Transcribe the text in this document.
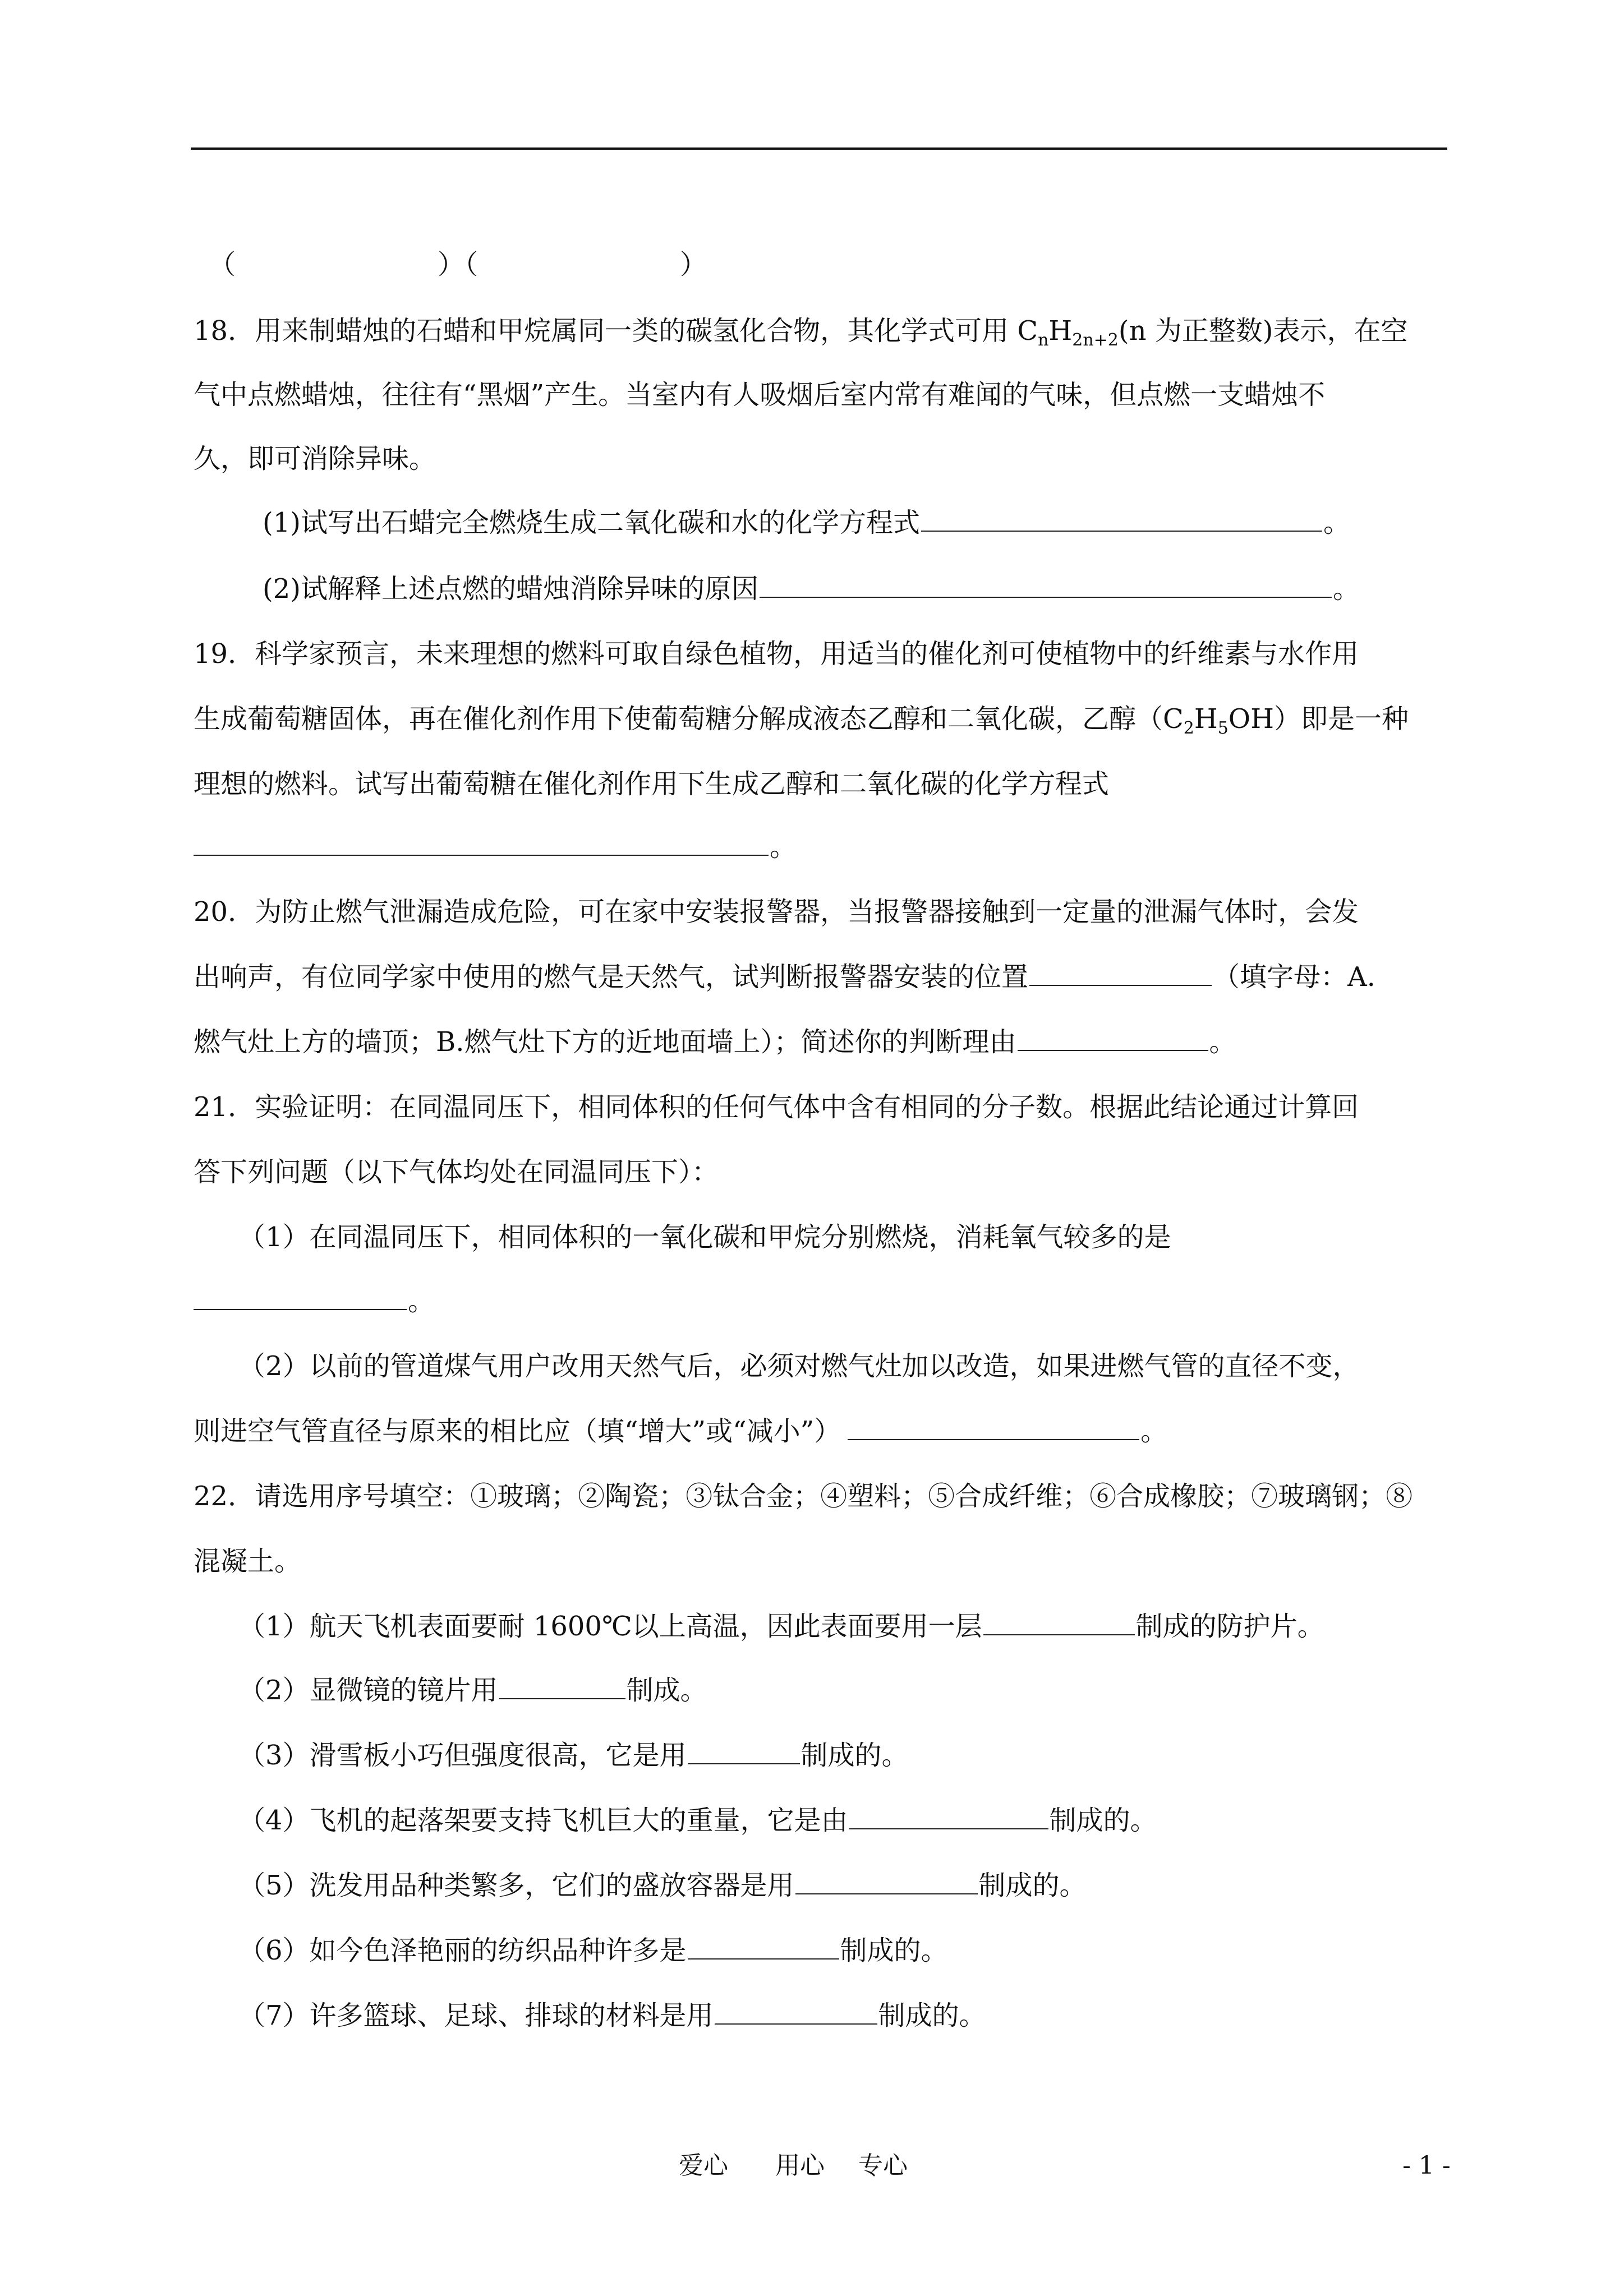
（	）（	）
18．用来制蜡烛的石蜡和甲烷属同一类的碳氢化合物，其化学式可用 $C_nH_{2n+2}(n$ 为正整数)表示，在空
气中点燃蜡烛，往往有“黑烟”产生。当室内有人吸烟后室内常有难闻的气味，但点燃一支蜡烛不
久，即可消除异味。
(1)试写出石蜡完全燃烧生成二氧化碳和水的化学方程式	。
(2)试解释上述点燃的蜡烛消除异味的原因	。
19．科学家预言，未来理想的燃料可取自绿色植物，用适当的催化剂可使植物中的纤维素与水作用
生成葡萄糖固体，再在催化剂作用下使葡萄糖分解成液态乙醇和二氧化碳，乙醇$(C_2H_5OH)$即是一种
理想的燃料。试写出葡萄糖在催化剂作用下生成乙醇和二氧化碳的化学方程式
。
20．为防止燃气泄漏造成危险，可在家中安装报警器，当报警器接触到一定量的泄漏气体时，会发
出响声，有位同学家中使用的燃气是天然气，试判断报警器安装的位置	（填字母：A.
燃气灶上方的墙顶；B.燃气灶下方的近地面墙上）；简述你的判断理由	。
21．实验证明：在同温同压下，相同体积的任何气体中含有相同的分子数。根据此结论通过计算回
答下列问题（以下气体均处在同温同压下）：
（1）在同温同压下，相同体积的一氧化碳和甲烷分别燃烧，消耗氧气较多的是
。
（2）以前的管道煤气用户改用天然气后，必须对燃气灶加以改造，如果进燃气管的直径不变，
则进空气管直径与原来的相比应（填“增大”或“减小”）	。
22．请选用序号填空：①玻璃；②陶瓷；③钛合金；④塑料；⑤合成纤维；⑥合成橡胶；⑦玻璃钢；⑧
混凝土。
（1）航天飞机表面要耐 1600℃以上高温，因此表面要用一层	制成的防护片。
（2）显微镜的镜片用	制成。
（3）滑雪板小巧但强度很高，它是用	制成的。
（4）飞机的起落架要支持飞机巨大的重量，它是由	制成的。
（5）洗发用品种类繁多，它们的盛放容器是用	制成的。
（6）如今色泽艳丽的纺织品种许多是	制成的。
（7）许多篮球、足球、排球的材料是用	制成的。
爱心 用心 专心	- 1 -
